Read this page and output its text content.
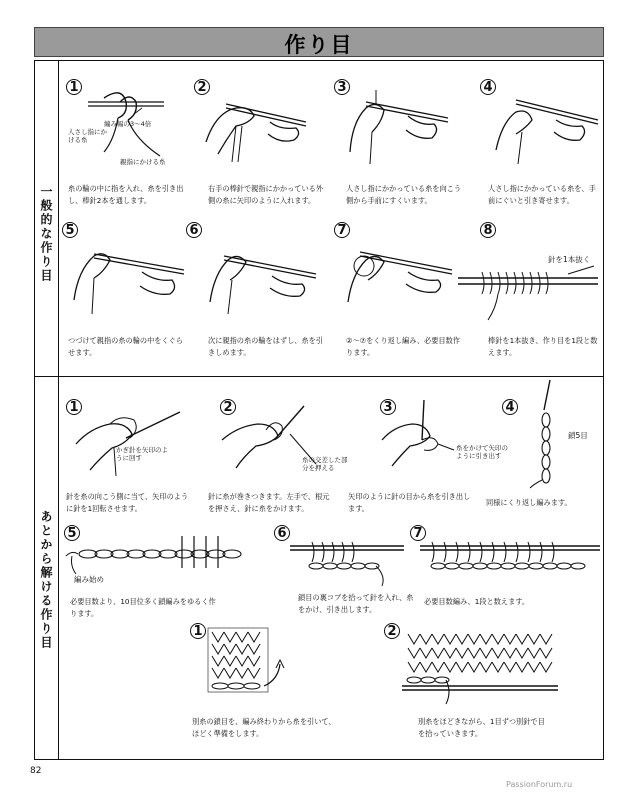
作り目
一般的な作り目
あとから解ける作り目
1
編み幅の3～4倍
人さし指にかける糸
親指にかける糸
糸の輪の中に指を入れ、糸を引き出し、棒針2本を通します。
2
右手の棒針で親指にかかっている外側の糸に矢印のように入れます。
3
人さし指にかかっている糸を向こう側から手前にすくいます。
4
人さし指にかかっている糸を、手前にぐいと引き寄せます。
5
つづけて親指の糸の輪の中をくぐらせます。
6
次に親指の糸の輪をはずし、糸を引きしめます。
7
②～⑦をくり返し編み、必要目数作ります。
8
針を1本抜く
棒針を1本抜き、作り目を1段と数えます。
1
かぎ針を矢印のように回す
針を糸の向こう側に当て、矢印のように針を1回転させます。
2
糸の交差した部分を押える
針に糸が巻きつきます。左手で、根元を押さえ、針に糸をかけます。
3
糸をかけて矢印のように引き出す
矢印のように針の目から糸を引き出します。
4
鎖5目
同様にくり返し編みます。
5
編み始め
必要目数より、10目位多く鎖編みをゆるく作ります。
6
鎖目の裏コブを拾って針を入れ、糸をかけ、引き出します。
7
必要目数編み、1段と数えます。
1
別糸の鎖目を、編み終わりから糸を引いて、ほどく準備をします。
2
別糸をほどきながら、1目ずつ別針で目を拾っていきます。
82
PassionForum.ru
